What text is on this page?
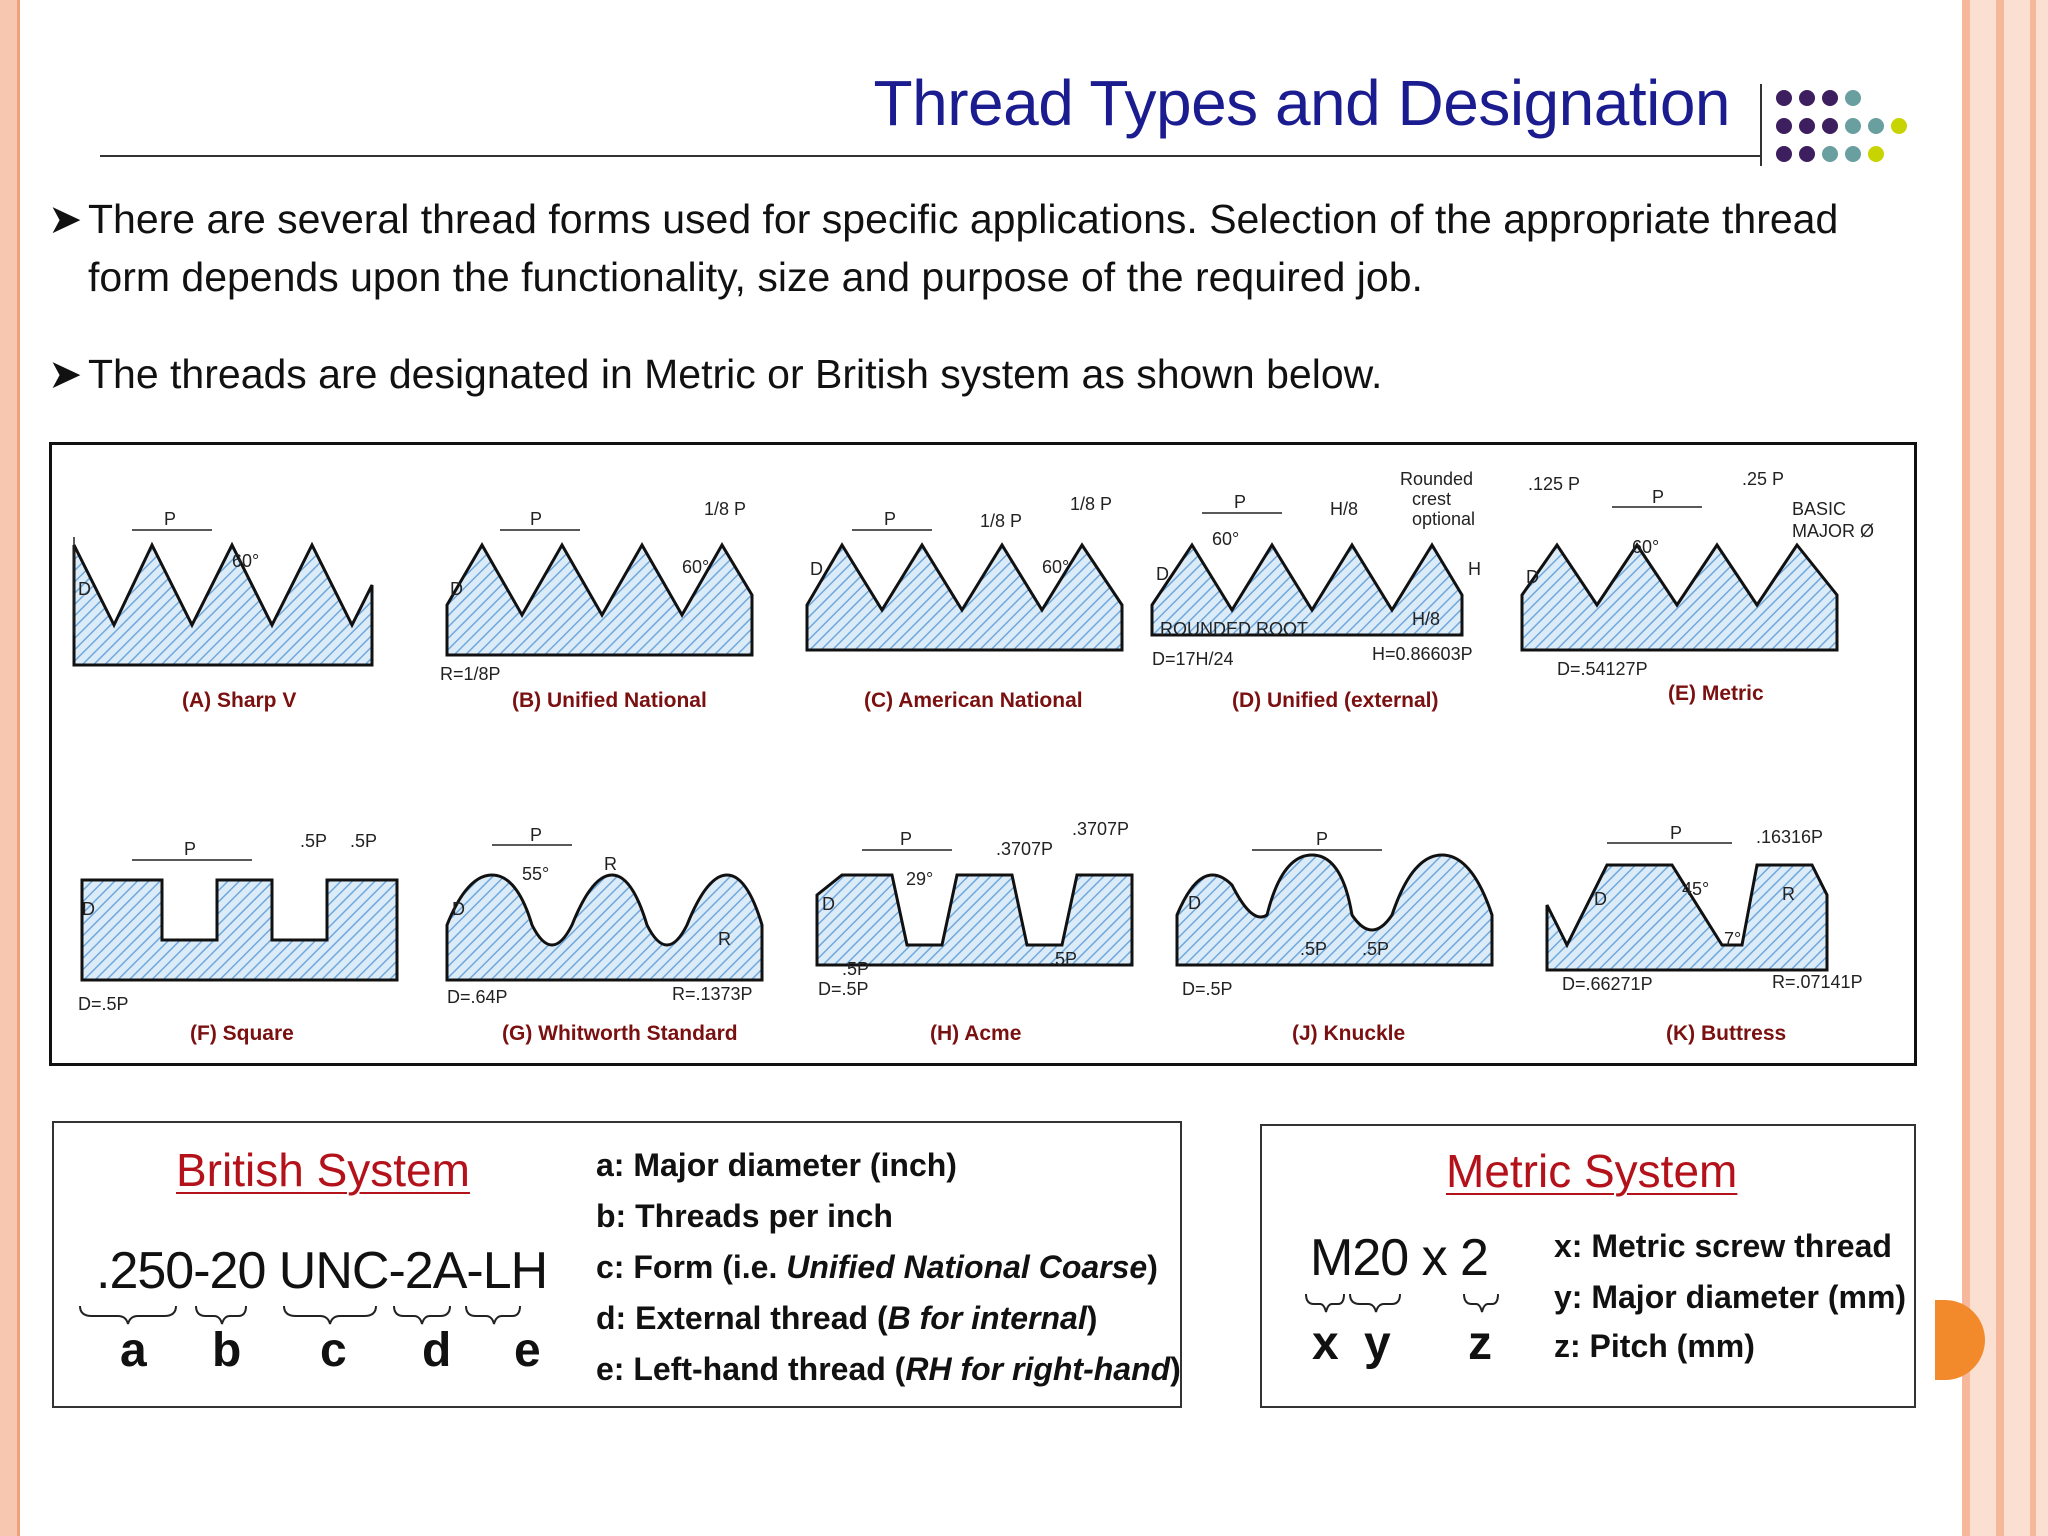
Thread Types and Designation
➤ There are several thread forms used for specific applications. Selection of the appropriate thread form depends upon the functionality, size and purpose of the required job.
➤ The threads are designated in Metric or British system as shown below.
P
60°
D
(A) Sharp V
P
60°
1/8 P
D
R=1/8P
(B) Unified National
P
60°
1/8 P
1/8 P
D
(C) American National
P
60°
D
H/8
Rounded
crest
optional
H
ROUNDED ROOT	H/8
D=17H/24	H=0.86603P
(D) Unified (external)
P
60°
D
.125 P	.25 P
BASIC
MAJOR Ø
D=.54127P
(E) Metric
P	.5P .5P
D
D=.5P
(F) Square
P
55°	R
R
D
D=.64P	R=.1373P
(G) Whitworth Standard
P
29°
D
.3707P
.3707P
.5P	.5P
D=.5P
(H) Acme
P
D
.5P .5P
D=.5P
(J) Knuckle
P
45°
7°
D
.16316P
R
D=.66271P	R=.07141P
(K) Buttress
British System
.250-20 UNC-2A-LH
a b c d e
a: Major diameter (inch)
b: Threads per inch
c: Form (i.e. Unified National Coarse)
d: External thread (B for internal)
e: Left-hand thread (RH for right-hand)
Metric System
M20 x 2
x y z
x: Metric screw thread
y: Major diameter (mm)
z: Pitch (mm)
